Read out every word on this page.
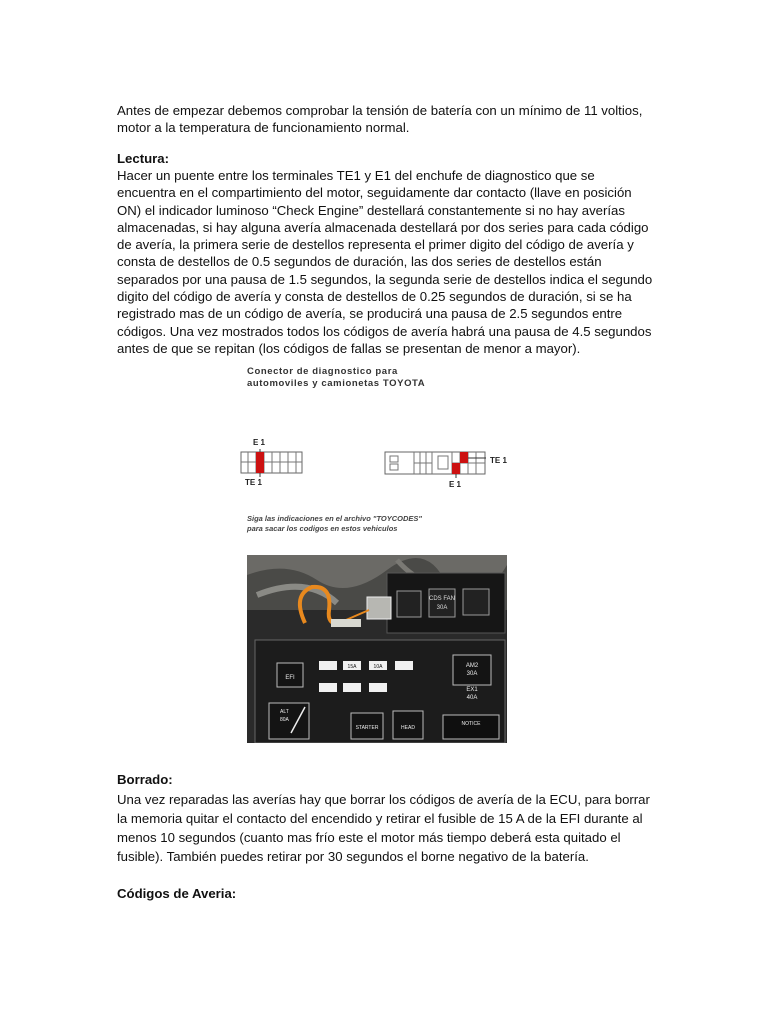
Antes de empezar debemos comprobar la tensión de batería con un mínimo de 11 voltios, motor a la temperatura de funcionamiento normal.
Lectura:
Hacer un puente entre los terminales TE1 y E1 del enchufe de diagnostico que se encuentra en el compartimiento del motor, seguidamente dar contacto (llave en posición ON) el indicador luminoso “Check Engine” destellará constantemente si no hay averías almacenadas, si hay alguna avería almacenada destellará por dos series para cada código de avería, la primera serie de destellos representa el primer digito del código de avería y consta de destellos de 0.5 segundos de duración, las dos series de destellos están separados por una pausa de 1.5 segundos, la segunda serie de destellos indica el segundo digito del código de avería y consta de destellos de 0.25 segundos de duración, si se ha registrado mas de un código de avería, se producirá una pausa de 2.5 segundos entre códigos. Una vez mostrados todos los códigos de avería habrá una pausa de 4.5 segundos antes de que se repitan (los códigos de fallas se presentan de menor a mayor).
Conector de diagnostico para
automoviles y camionetas TOYOTA
E 1
TE 1
TE 1
E 1
Siga las indicaciones en el archivo "TOYCODES"
para sacar los codigos en estos vehiculos
CDS FAN
30A
EFI
15A	10A	AM2
30A
EX1
40A
ALT
80A
STARTER	HEAD
NOTICE
Borrado:
Una vez reparadas las averías hay que borrar los códigos de avería de la ECU, para borrar la memoria quitar el contacto del encendido y retirar el fusible de 15 A de la EFI durante al menos 10 segundos (cuanto mas frío este el motor más tiempo deberá esta quitado el fusible). También puedes retirar por 30 segundos el borne negativo de la batería.
Códigos de Averia:
